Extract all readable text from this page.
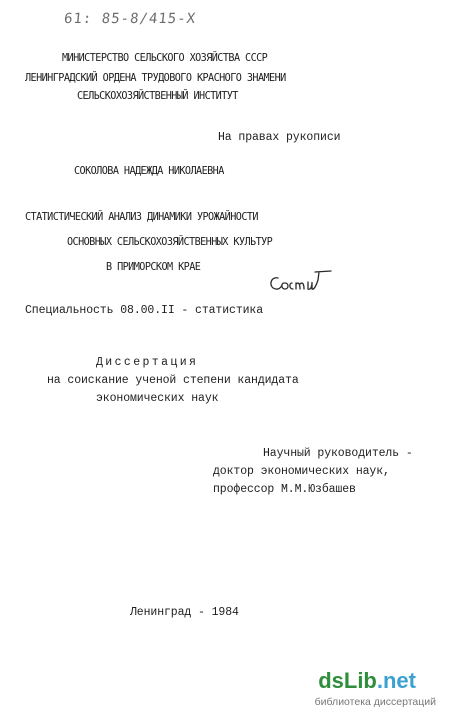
61: 85-8/415-Х
МИНИСТЕРСТВО СЕЛЬСКОГО ХОЗЯЙСТВА СССР
ЛЕНИНГРАДСКИЙ ОРДЕНА ТРУДОВОГО КРАСНОГО ЗНАМЕНИ
СЕЛЬСКОХОЗЯЙСТВЕННЫЙ ИНСТИТУТ
На правах рукописи
СОКОЛОВА НАДЕЖДА НИКОЛАЕВНА
СТАТИСТИЧЕСКИЙ АНАЛИЗ ДИНАМИКИ УРОЖАЙНОСТИ
ОСНОВНЫХ СЕЛЬСКОХОЗЯЙСТВЕННЫХ КУЛЬТУР
В ПРИМОРСКОМ КРАЕ
Специальность 08.00.II - статистика
Диссертация
на соискание ученой степени кандидата
экономических наук
Научный руководитель -
доктор экономических наук,
профессор М.М.Юзбашев
Ленинград - 1984
dsLib.net
библиотека диссертаций
